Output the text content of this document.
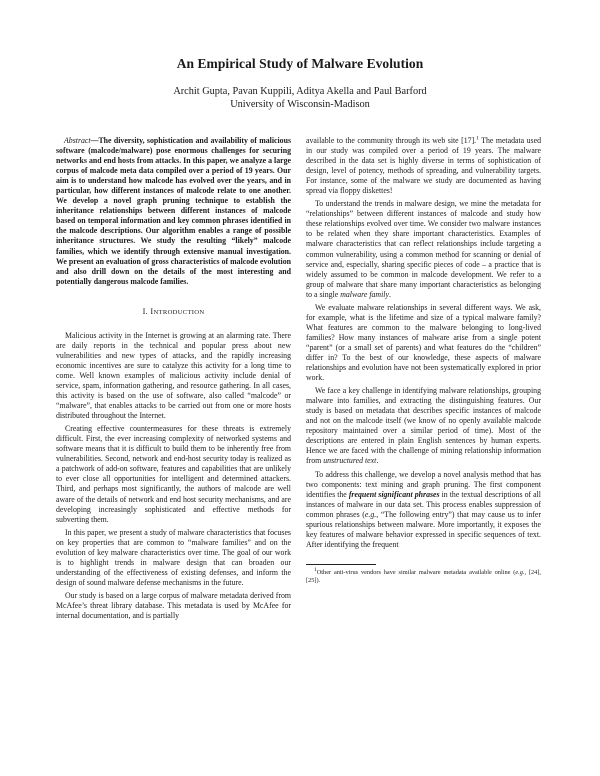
An Empirical Study of Malware Evolution
Archit Gupta, Pavan Kuppili, Aditya Akella and Paul Barford
University of Wisconsin-Madison

Abstract—The diversity, sophistication and availability of malicious software (malcode/malware) pose enormous challenges for securing networks and end hosts from attacks. In this paper, we analyze a large corpus of malcode meta data compiled over a period of 19 years. Our aim is to understand how malcode has evolved over the years, and in particular, how different instances of malcode relate to one another. We develop a novel graph pruning technique to establish the inheritance relationships between different instances of malcode based on temporal information and key common phrases identified in the malcode descriptions. Our algorithm enables a range of possible inheritance structures. We study the resulting “likely” malcode families, which we identify through extensive manual investigation. We present an evaluation of gross characteristics of malcode evolution and also drill down on the details of the most interesting and potentially dangerous malcode families.

I. INTRODUCTION

Malicious activity in the Internet is growing at an alarming rate. There are daily reports in the technical and popular press about new vulnerabilities and new types of attacks, and the rapidly increasing economic incentives are sure to catalyze this activity for a long time to come. Well known examples of malicious activity include denial of service, spam, information gathering, and resource gathering. In all cases, this activity is based on the use of software, also called “malcode” or “malware”, that enables attacks to be carried out from one or more hosts distributed throughout the Internet.

Creating effective countermeasures for these threats is extremely difficult. First, the ever increasing complexity of networked systems and software means that it is difficult to build them to be inherently free from vulnerabilities. Second, network and end-host security today is realized as a patchwork of add-on software, features and capabilities that are unlikely to ever close all opportunities for intelligent and determined attackers. Third, and perhaps most significantly, the authors of malcode are well aware of the details of network and end host security mechanisms, and are developing increasingly sophisticated and effective methods for subverting them.

In this paper, we present a study of malware characteristics that focuses on key properties that are common to “malware families” and on the evolution of key malware characteristics over time. The goal of our work is to highlight trends in malware design that can broaden our understanding of the effectiveness of existing defenses, and inform the design of sound malware defense mechanisms in the future.

Our study is based on a large corpus of malware metadata derived from McAfee’s threat library database. This metadata is used by McAfee for internal documentation, and is partially

available to the community through its web site [17].$^1$ The metadata used in our study was compiled over a period of 19 years. The malware described in the data set is highly diverse in terms of sophistication of design, level of potency, methods of spreading, and vulnerability targets. For instance, some of the malware we study are documented as having spread via floppy diskettes!

To understand the trends in malware design, we mine the metadata for “relationships” between different instances of malcode and study how these relationships evolved over time. We consider two malware instances to be related when they share important characteristics. Examples of malware characteristics that can reflect relationships include targeting a common vulnerability, using a common method for scanning or denial of service and, especially, sharing specific pieces of code – a practice that is widely assumed to be common in malcode development. We refer to a group of malware that share many important characteristics as belonging to a single malware family.

We evaluate malware relationships in several different ways. We ask, for example, what is the lifetime and size of a typical malware family? What features are common to the malware belonging to long-lived families? How many instances of malware arise from a single potent “parent” (or a small set of parents) and what features do the “children” differ in? To the best of our knowledge, these aspects of malware relationships and evolution have not been systematically explored in prior work.

We face a key challenge in identifying malware relationships, grouping malware into families, and extracting the distinguishing features. Our study is based on metadata that describes specific instances of malcode and not on the malcode itself (we know of no openly available malcode repository maintained over a similar period of time). Most of the descriptions are entered in plain English sentences by human experts. Hence we are faced with the challenge of mining relationship information from unstructured text.

To address this challenge, we develop a novel analysis method that has two components: text mining and graph pruning. The first component identifies the frequent significant phrases in the textual descriptions of all instances of malware in our data set. This process enables suppression of common phrases (e.g., “The following entry”) that may cause us to infer spurious relationships between malware. More importantly, it exposes the key features of malware behavior expressed in specific sequences of text. After identifying the frequent

$^1$Other anti-virus vendors have similar malware metadata available online (e.g., [24], [25]).
